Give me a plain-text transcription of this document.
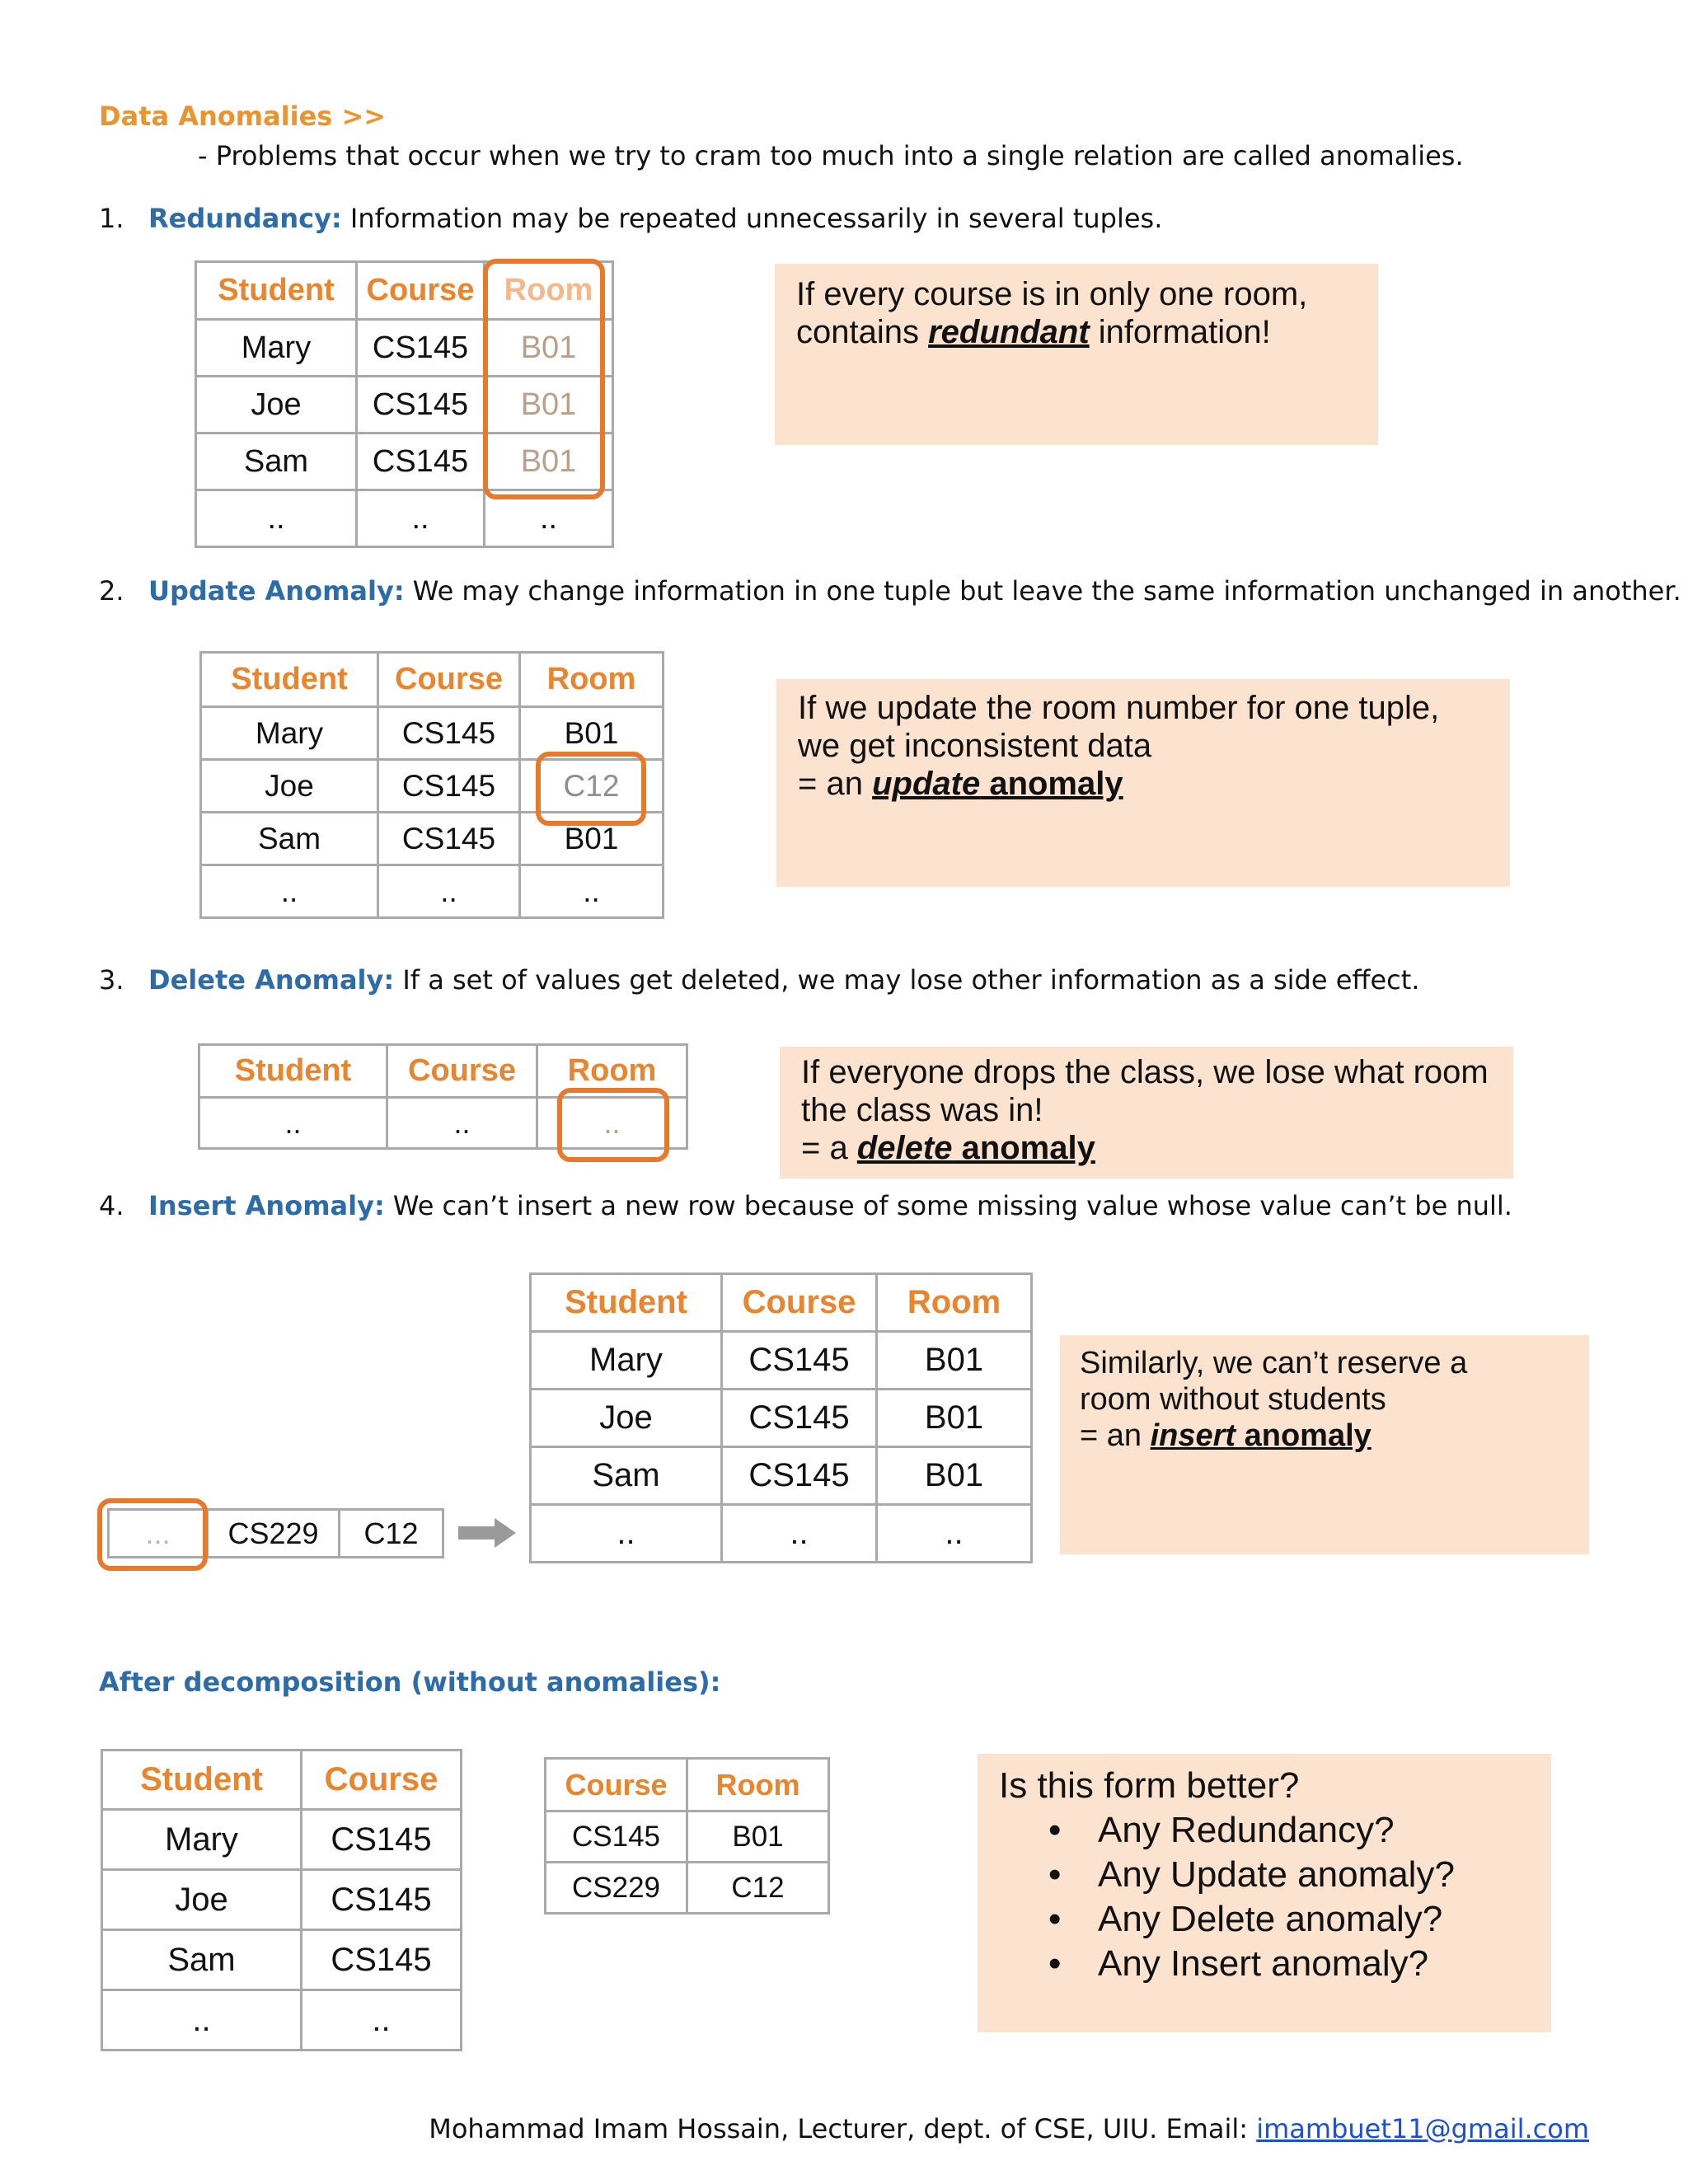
Data Anomalies >>
- Problems that occur when we try to cram too much into a single relation are called anomalies.
1. Redundancy: Information may be repeated unnecessarily in several tuples.
Student	Course	Room
Mary	CS145	B01
Joe	CS145	B01
Sam	CS145	B01
..	..	..
If every course is in only one room,
contains redundant information!
2. Update Anomaly: We may change information in one tuple but leave the same information unchanged in another.
Student	Course	Room
Mary	CS145	B01
Joe	CS145	C12
Sam	CS145	B01
..	..	..
If we update the room number for one tuple,
we get inconsistent data
= an update anomaly
3. Delete Anomaly: If a set of values get deleted, we may lose other information as a side effect.
Student	Course	Room
..	..	..
If everyone drops the class, we lose what room
the class was in!
= a delete anomaly
4. Insert Anomaly: We can’t insert a new row because of some missing value whose value can’t be null.
Student	Course	Room
Mary	CS145	B01
Joe	CS145	B01
Sam	CS145	B01
..	..	..
...	CS229	C12
Similarly, we can’t reserve a
room without students
= an insert anomaly
After decomposition (without anomalies):
Student	Course
Mary	CS145
Joe	CS145
Sam	CS145
..	..
Course	Room
CS145	B01
CS229	C12
Is this form better?
• Any Redundancy?
• Any Update anomaly?
• Any Delete anomaly?
• Any Insert anomaly?
Mohammad Imam Hossain, Lecturer, dept. of CSE, UIU. Email: imambuet11@gmail.com
